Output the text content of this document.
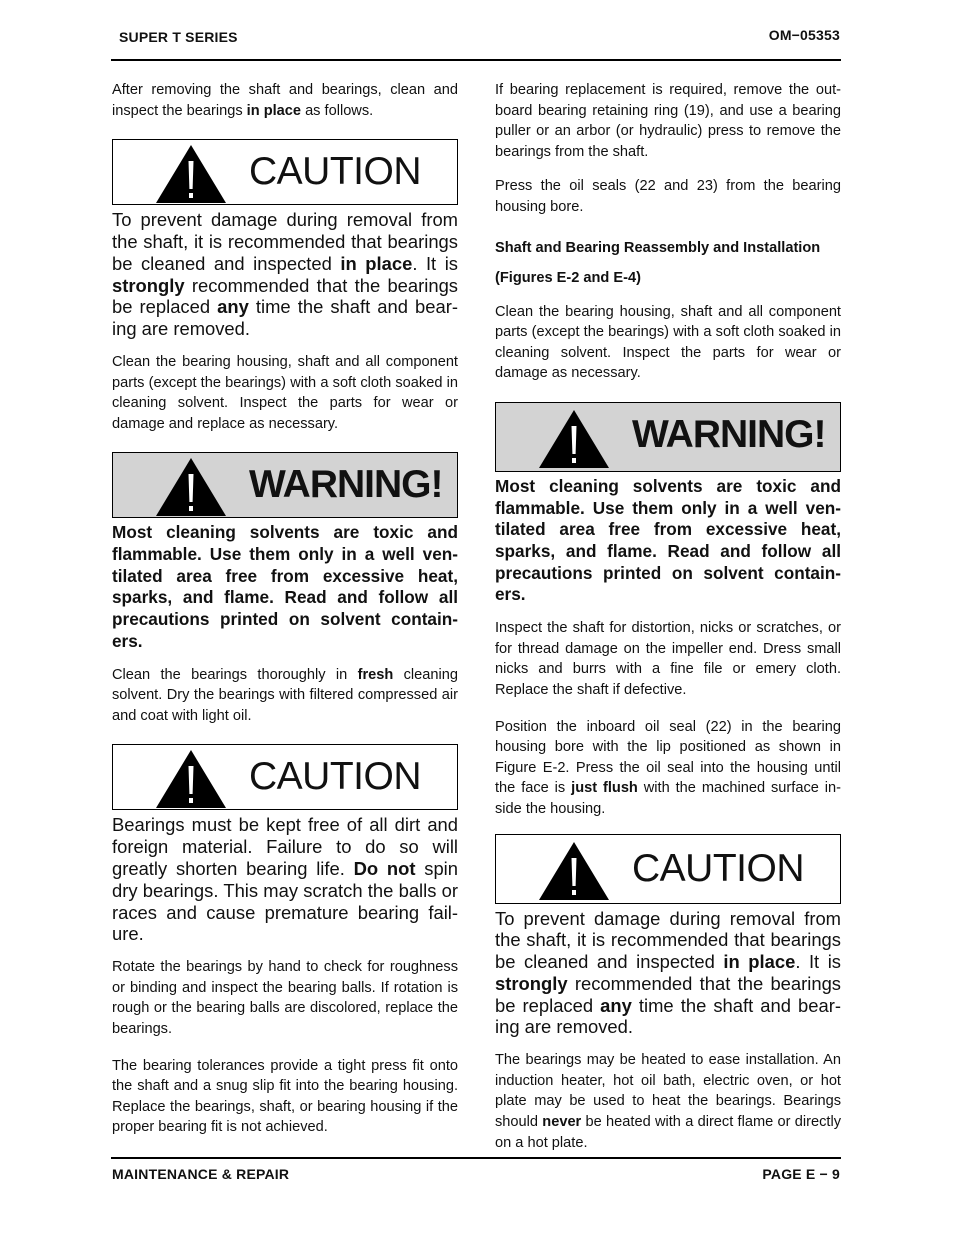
SUPER T SERIES	OM−05353

After removing the shaft and bearings, clean and inspect the bearings in place as follows.

CAUTION

To prevent damage during removal from the shaft, it is recommended that bearings be cleaned and inspected in place. It is strongly recommended that the bearings be replaced any time the shaft and bearing are removed.

Clean the bearing housing, shaft and all component parts (except the bearings) with a soft cloth soaked in cleaning solvent. Inspect the parts for wear or damage and replace as necessary.

WARNING!

Most cleaning solvents are toxic and flammable. Use them only in a well ventilated area free from excessive heat, sparks, and flame. Read and follow all precautions printed on solvent containers.

Clean the bearings thoroughly in fresh cleaning solvent. Dry the bearings with filtered compressed air and coat with light oil.

CAUTION

Bearings must be kept free of all dirt and foreign material. Failure to do so will greatly shorten bearing life. Do not spin dry bearings. This may scratch the balls or races and cause premature bearing failure.

Rotate the bearings by hand to check for roughness or binding and inspect the bearing balls. If rotation is rough or the bearing balls are discolored, replace the bearings.

The bearing tolerances provide a tight press fit onto the shaft and a snug slip fit into the bearing housing. Replace the bearings, shaft, or bearing housing if the proper bearing fit is not achieved.

If bearing replacement is required, remove the outboard bearing retaining ring (19), and use a bearing puller or an arbor (or hydraulic) press to remove the bearings from the shaft.

Press the oil seals (22 and 23) from the bearing housing bore.

Shaft and Bearing Reassembly and Installation
(Figures E-2 and E-4)

Clean the bearing housing, shaft and all component parts (except the bearings) with a soft cloth soaked in cleaning solvent. Inspect the parts for wear or damage as necessary.

WARNING!

Most cleaning solvents are toxic and flammable. Use them only in a well ventilated area free from excessive heat, sparks, and flame. Read and follow all precautions printed on solvent containers.

Inspect the shaft for distortion, nicks or scratches, or for thread damage on the impeller end. Dress small nicks and burrs with a fine file or emery cloth. Replace the shaft if defective.

Position the inboard oil seal (22) in the bearing housing bore with the lip positioned as shown in Figure E-2. Press the oil seal into the housing until the face is just flush with the machined surface inside the housing.

CAUTION

To prevent damage during removal from the shaft, it is recommended that bearings be cleaned and inspected in place. It is strongly recommended that the bearings be replaced any time the shaft and bearing are removed.

The bearings may be heated to ease installation. An induction heater, hot oil bath, electric oven, or hot plate may be used to heat the bearings. Bearings should never be heated with a direct flame or directly on a hot plate.

MAINTENANCE & REPAIR	PAGE E − 9
